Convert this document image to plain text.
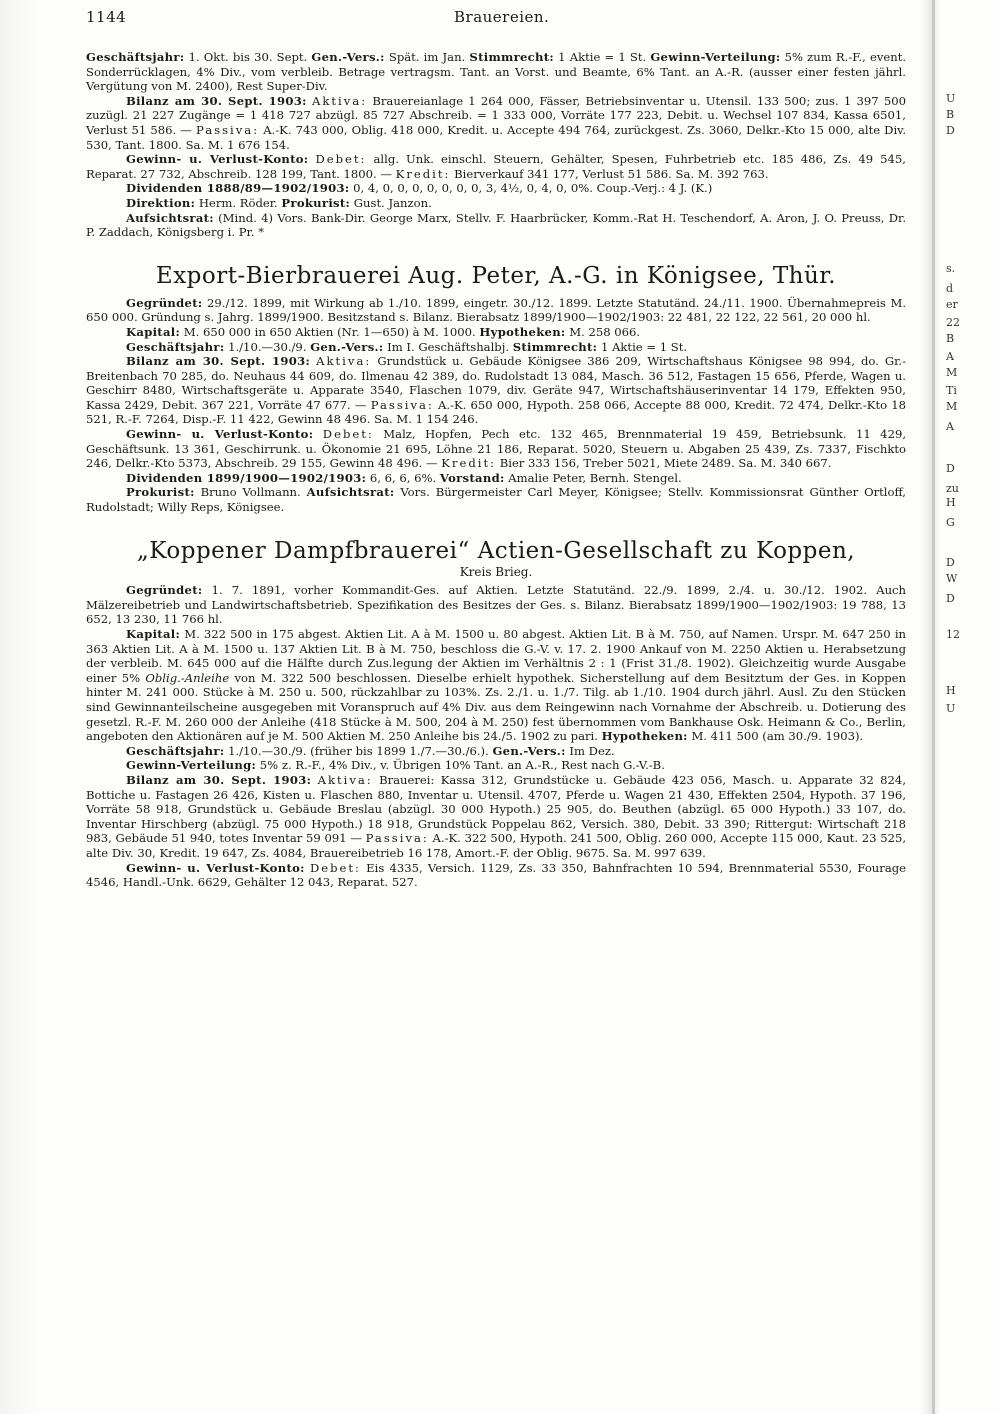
1144	Brauereien.

Geschäftsjahr: 1. Okt. bis 30. Sept. Gen.-Vers.: Spät. im Jan. Stimmrecht: 1 Aktie = 1 St. Gewinn-Verteilung: 5% zum R.-F., event. Sonderrücklagen, 4% Div., vom verbleib. Betrage vertragsm. Tant. an Vorst. und Beamte, 6% Tant. an A.-R. (ausser einer festen jährl. Vergütung von M. 2400), Rest Super-Div.

Bilanz am 30. Sept. 1903: Aktiva: Brauereianlage 1 264 000, Fässer, Betriebsinventar u. Utensil. 133 500; zus. 1 397 500 zuzügl. 21 227 Zugänge = 1 418 727 abzügl. 85 727 Abschreib. = 1 333 000, Vorräte 177 223, Debit. u. Wechsel 107 834, Kassa 6501, Verlust 51 586. — Passiva: A.-K. 743 000, Oblig. 418 000, Kredit. u. Accepte 494 764, zurückgest. Zs. 3060, Delkr.-Kto 15 000, alte Div. 530, Tant. 1800. Sa. M. 1 676 154.

Gewinn- u. Verlust-Konto: Debet: allg. Unk. einschl. Steuern, Gehälter, Spesen, Fuhrbetrieb etc. 185 486, Zs. 49 545, Reparat. 27 732, Abschreib. 128 199, Tant. 1800. — Kredit: Bierverkauf 341 177, Verlust 51 586. Sa. M. 392 763.

Dividenden 1888/89—1902/1903: 0, 4, 0, 0, 0, 0, 0, 0, 0, 3, 4½, 0, 4, 0, 0%. Coup.-Verj.: 4 J. (K.)

Direktion: Herm. Röder. Prokurist: Gust. Janzon.

Aufsichtsrat: (Mind. 4) Vors. Bank-Dir. George Marx, Stellv. F. Haarbrücker, Komm.-Rat H. Teschendorf, A. Aron, J. O. Preuss, Dr. P. Zaddach, Königsberg i. Pr. *

Export-Bierbrauerei Aug. Peter, A.-G. in Königsee, Thür.

Gegründet: 29./12. 1899, mit Wirkung ab 1./10. 1899, eingetr. 30./12. 1899. Letzte Statutänd. 24./11. 1900. Übernahmepreis M. 650 000. Gründung s. Jahrg. 1899/1900. Besitzstand s. Bilanz. Bierabsatz 1899/1900—1902/1903: 22 481, 22 122, 22 561, 20 000 hl.

Kapital: M. 650 000 in 650 Aktien (Nr. 1—650) à M. 1000. Hypotheken: M. 258 066.

Geschäftsjahr: 1./10.—30./9. Gen.-Vers.: Im I. Geschäftshalbj. Stimmrecht: 1 Aktie = 1 St.

Bilanz am 30. Sept. 1903: Aktiva: Grundstück u. Gebäude Königsee 386 209, Wirtschaftshaus Königsee 98 994, do. Gr.-Breitenbach 70 285, do. Neuhaus 44 609, do. Ilmenau 42 389, do. Rudolstadt 13 084, Masch. 36 512, Fastagen 15 656, Pferde, Wagen u. Geschirr 8480, Wirtschaftsgeräte u. Apparate 3540, Flaschen 1079, div. Geräte 947, Wirtschaftshäuserinventar 14 179, Effekten 950, Kassa 2429, Debit. 367 221, Vorräte 47 677. — Passiva: A.-K. 650 000, Hypoth. 258 066, Accepte 88 000, Kredit. 72 474, Delkr.-Kto 18 521, R.-F. 7264, Disp.-F. 11 422, Gewinn 48 496. Sa. M. 1 154 246.

Gewinn- u. Verlust-Konto: Debet: Malz, Hopfen, Pech etc. 132 465, Brennmaterial 19 459, Betriebsunk. 11 429, Geschäftsunk. 13 361, Geschirrunk. u. Ökonomie 21 695, Löhne 21 186, Reparat. 5020, Steuern u. Abgaben 25 439, Zs. 7337, Fischkto 246, Delkr.-Kto 5373, Abschreib. 29 155, Gewinn 48 496. — Kredit: Bier 333 156, Treber 5021, Miete 2489. Sa. M. 340 667.

Dividenden 1899/1900—1902/1903: 6, 6, 6, 6%. Vorstand: Amalie Peter, Bernh. Stengel.

Prokurist: Bruno Vollmann. Aufsichtsrat: Vors. Bürgermeister Carl Meyer, Königsee; Stellv. Kommissionsrat Günther Ortloff, Rudolstadt; Willy Reps, Königsee.

„Koppener Dampfbrauerei“ Actien-Gesellschaft zu Koppen,
Kreis Brieg.

Gegründet: 1. 7. 1891, vorher Kommandit-Ges. auf Aktien. Letzte Statutänd. 22./9. 1899, 2./4. u. 30./12. 1902. Auch Mälzereibetrieb und Landwirtschaftsbetrieb. Spezifikation des Besitzes der Ges. s. Bilanz. Bierabsatz 1899/1900—1902/1903: 19 788, 13 652, 13 230, 11 766 hl.

Kapital: M. 322 500 in 175 abgest. Aktien Lit. A à M. 1500 u. 80 abgest. Aktien Lit. B à M. 750, auf Namen. Urspr. M. 647 250 in 363 Aktien Lit. A à M. 1500 u. 137 Aktien Lit. B à M. 750, beschloss die G.-V. v. 17. 2. 1900 Ankauf von M. 2250 Aktien u. Herabsetzung der verbleib. M. 645 000 auf die Hälfte durch Zus.legung der Aktien im Verhältnis 2 : 1 (Frist 31./8. 1902). Gleichzeitig wurde Ausgabe einer 5% Oblig.-Anleihe von M. 322 500 beschlossen. Dieselbe erhielt hypothek. Sicherstellung auf dem Besitztum der Ges. in Koppen hinter M. 241 000. Stücke à M. 250 u. 500, rückzahlbar zu 103%. Zs. 2./1. u. 1./7. Tilg. ab 1./10. 1904 durch jährl. Ausl. Zu den Stücken sind Gewinnanteilscheine ausgegeben mit Voranspruch auf 4% Div. aus dem Reingewinn nach Vornahme der Abschreib. u. Dotierung des gesetzl. R.-F. M. 260 000 der Anleihe (418 Stücke à M. 500, 204 à M. 250) fest übernommen vom Bankhause Osk. Heimann & Co., Berlin, angeboten den Aktionären auf je M. 500 Aktien M. 250 Anleihe bis 24./5. 1902 zu pari. Hypotheken: M. 411 500 (am 30./9. 1903).

Geschäftsjahr: 1./10.—30./9. (früher bis 1899 1./7.—30./6.). Gen.-Vers.: Im Dez.

Gewinn-Verteilung: 5% z. R.-F., 4% Div., v. Übrigen 10% Tant. an A.-R., Rest nach G.-V.-B.

Bilanz am 30. Sept. 1903: Aktiva: Brauerei: Kassa 312, Grundstücke u. Gebäude 423 056, Masch. u. Apparate 32 824, Bottiche u. Fastagen 26 426, Kisten u. Flaschen 880, Inventar u. Utensil. 4707, Pferde u. Wagen 21 430, Effekten 2504, Hypoth. 37 196, Vorräte 58 918, Grundstück u. Gebäude Breslau (abzügl. 30 000 Hypoth.) 25 905, do. Beuthen (abzügl. 65 000 Hypoth.) 33 107, do. Inventar Hirschberg (abzügl. 75 000 Hypoth.) 18 918, Grundstück Poppelau 862, Versich. 380, Debit. 33 390; Rittergut: Wirtschaft 218 983, Gebäude 51 940, totes Inventar 59 091 — Passiva: A.-K. 322 500, Hypoth. 241 500, Oblig. 260 000, Accepte 115 000, Kaut. 23 525, alte Div. 30, Kredit. 19 647, Zs. 4084, Brauereibetrieb 16 178, Amort.-F. der Oblig. 9675. Sa. M. 997 639.

Gewinn- u. Verlust-Konto: Debet: Eis 4335, Versich. 1129, Zs. 33 350, Bahnfrachten 10 594, Brennmaterial 5530, Fourage 4546, Handl.-Unk. 6629, Gehälter 12 043, Reparat. 527.

U
B
D
s.
d
er
22
B
A
M
Ti
M
A
D
zu
H
G
D
W
D
12
H
U
